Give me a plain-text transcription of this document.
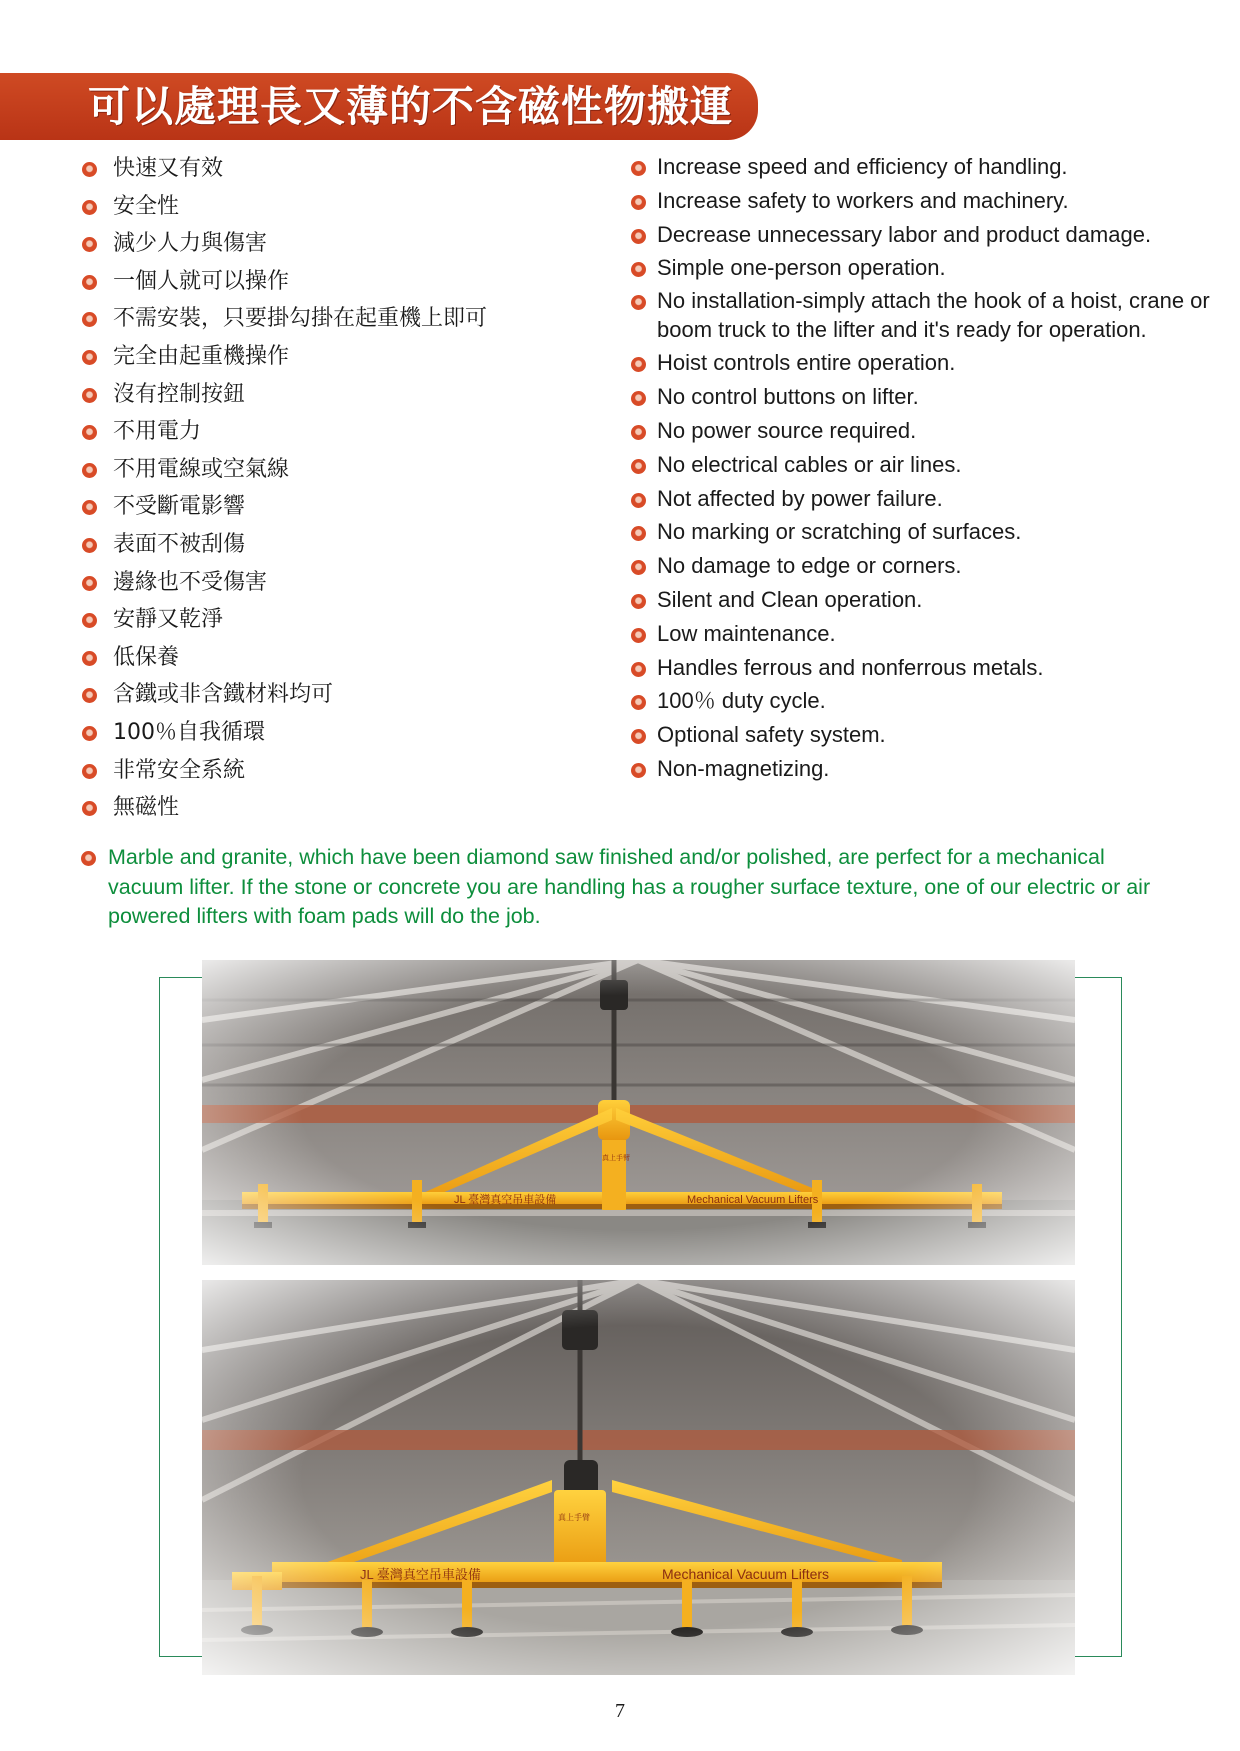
可以處理長又薄的不含磁性物搬運
快速又有效
安全性
減少人力與傷害
一個人就可以操作
不需安裝，只要掛勾掛在起重機上即可
完全由起重機操作
沒有控制按鈕
不用電力
不用電線或空氣線
不受斷電影響
表面不被刮傷
邊緣也不受傷害
安靜又乾淨
低保養
含鐵或非含鐵材料均可
100％自我循環
非常安全系統
無磁性
Increase speed and efficiency of handling.
Increase safety to workers and machinery.
Decrease unnecessary labor and product damage.
Simple one-person operation.
No installation-simply attach the hook of a hoist, crane or boom truck to the lifter and it's ready for operation.
Hoist controls entire operation.
No control buttons on lifter.
No power source required.
No electrical cables or air lines.
Not affected by power failure.
No marking or scratching of surfaces.
No damage to edge or corners.
Silent and Clean operation.
Low maintenance.
Handles ferrous and nonferrous metals.
100％ duty cycle.
Optional safety system.
Non-magnetizing.

Marble and granite, which have been diamond saw finished and/or polished, are perfect for a mechanical vacuum lifter. If the stone or concrete you are handling has a rougher surface texture, one of our electric or air powered lifters with foam pads will do the job.

7
